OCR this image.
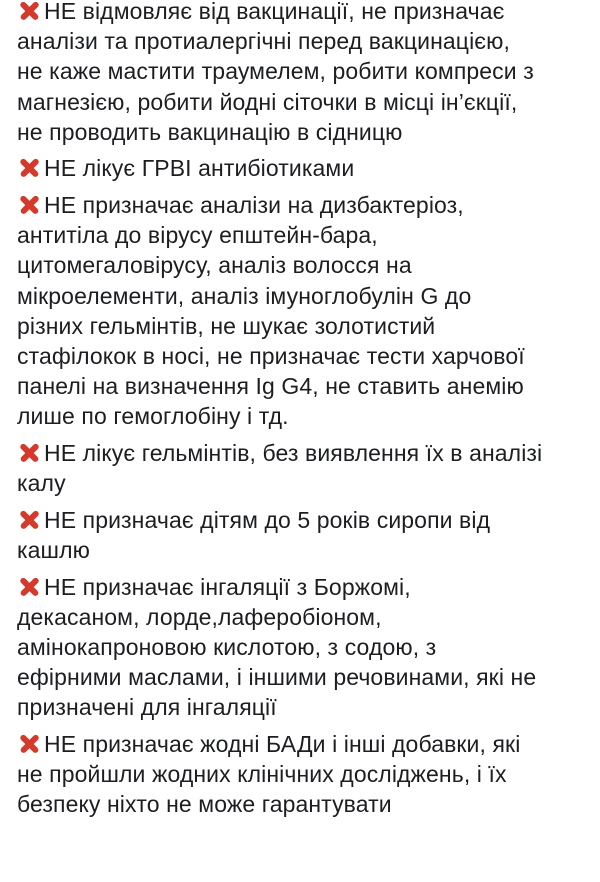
НЕ відмовляє від вакцинації, не призначає
аналізи та протиалергічні перед вакцинацією,
не каже мастити траумелем, робити компреси з
магнезією, робити йодні сіточки в місці ін’єкції,
не проводить вакцинацію в сідницю
НЕ лікує ГРВІ антибіотиками
НЕ призначає аналізи на дизбактеріоз,
антитіла до вірусу епштейн-бара,
цитомегаловірусу, аналіз волосся на
мікроелементи, аналіз імуноглобулін G до
різних гельмінтів, не шукає золотистий
стафілокок в носі, не призначає тести харчової
панелі на визначення Ig G4, не ставить анемію
лише по гемоглобіну і тд.
НЕ лікує гельмінтів, без виявлення їх в аналізі
калу
НЕ призначає дітям до 5 років сиропи від
кашлю
НЕ призначає інгаляції з Боржомі,
декасаном, лорде,лаферобіоном,
амінокапроновою кислотою, з содою, з
ефірними маслами, і іншими речовинами, які не
призначені для інгаляції
НЕ призначає жодні БАДи і інші добавки, які
не пройшли жодних клінічних досліджень, і їх
безпеку ніхто не може гарантувати
